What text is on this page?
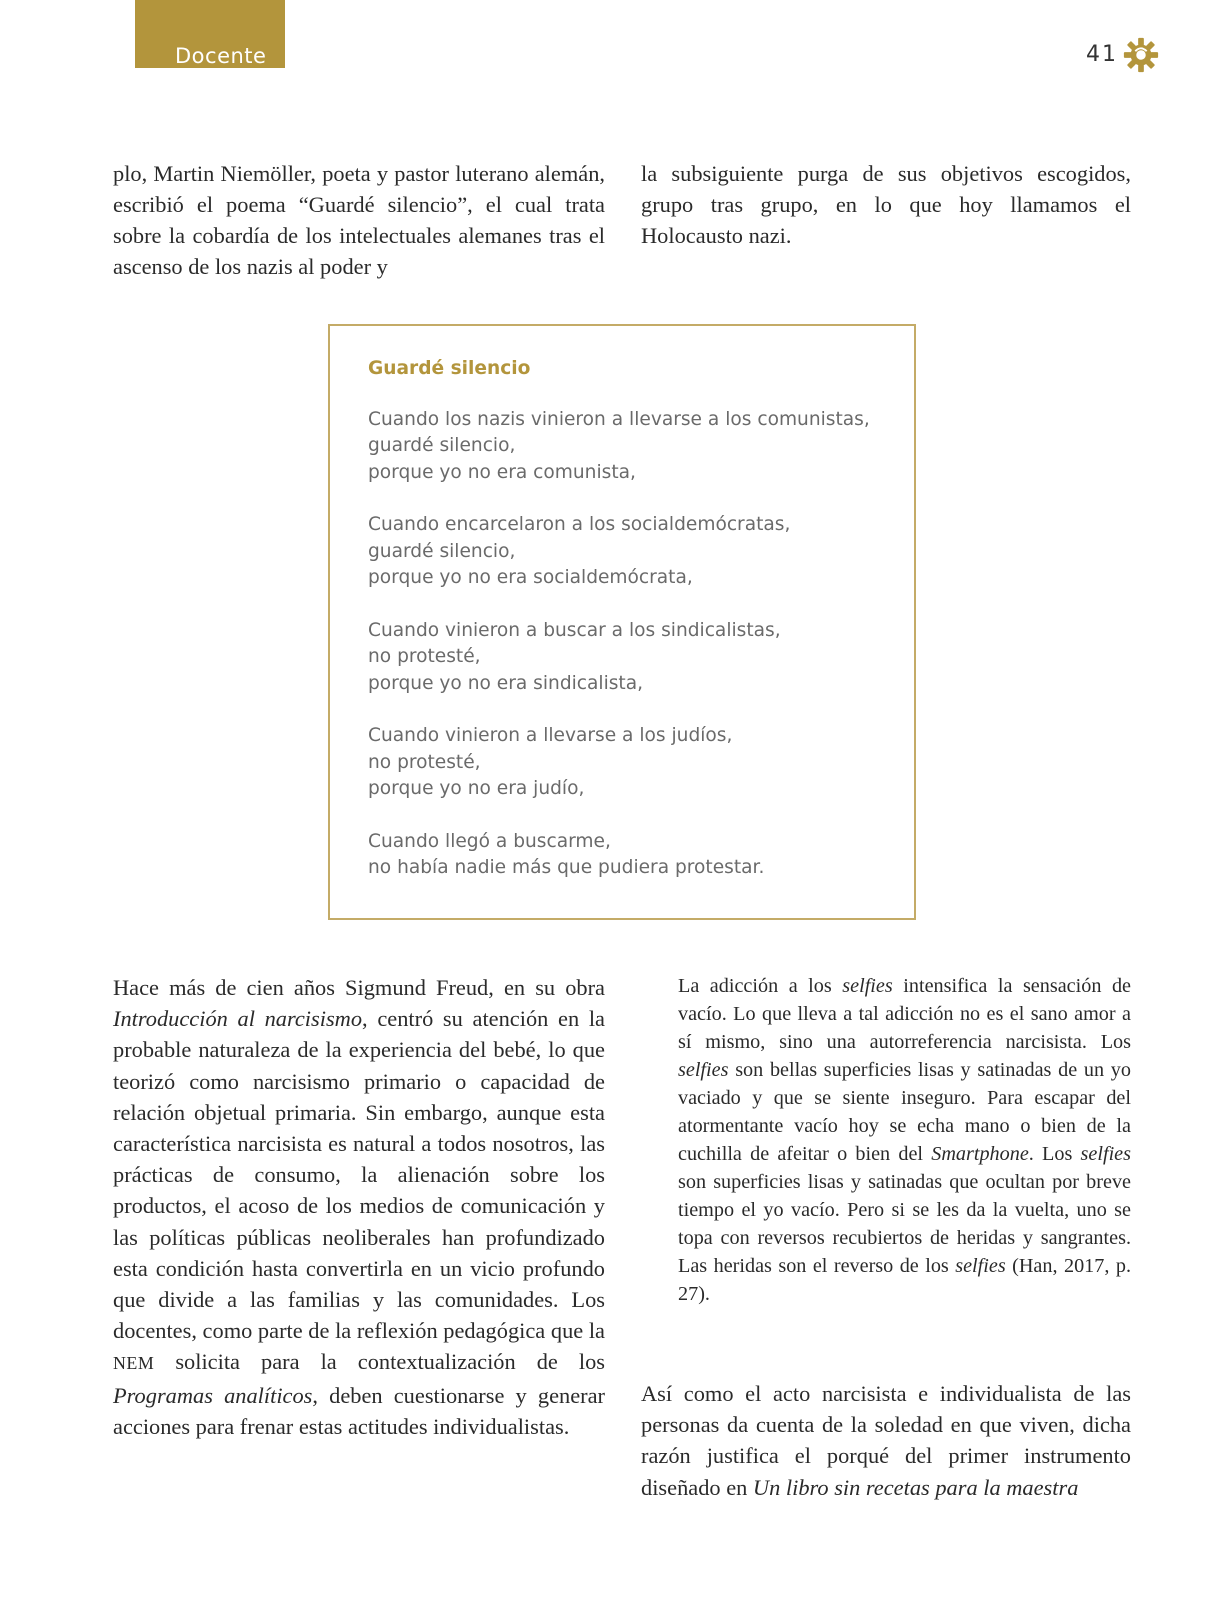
Docente	41

plo, Martin Niemöller, poeta y pastor luterano alemán, escribió el poema “Guardé silencio”, el cual trata sobre la cobardía de los intelectuales alemanes tras el ascenso de los nazis al poder y

la subsiguiente purga de sus objetivos escogidos, grupo tras grupo, en lo que hoy llamamos el Holocausto nazi.

Guardé silencio
Cuando los nazis vinieron a llevarse a los comunistas,
guardé silencio,
porque yo no era comunista,
Cuando encarcelaron a los socialdemócratas,
guardé silencio,
porque yo no era socialdemócrata,
Cuando vinieron a buscar a los sindicalistas,
no protesté,
porque yo no era sindicalista,
Cuando vinieron a llevarse a los judíos,
no protesté,
porque yo no era judío,
Cuando llegó a buscarme,
no había nadie más que pudiera protestar.

Hace más de cien años Sigmund Freud, en su obra Introducción al narcisismo, centró su atención en la probable naturaleza de la experiencia del bebé, lo que teorizó como narcisismo primario o capacidad de relación objetual primaria. Sin embargo, aunque esta característica narcisista es natural a todos nosotros, las prácticas de consumo, la alienación sobre los productos, el acoso de los medios de comunicación y las políticas públicas neoliberales han profundizado esta condición hasta convertirla en un vicio profundo que divide a las familias y las comunidades. Los docentes, como parte de la reflexión pedagógica que la NEM solicita para la contextualización de los Programas analíticos, deben cuestionarse y generar acciones para frenar estas actitudes individualistas.

La adicción a los selfies intensifica la sensación de vacío. Lo que lleva a tal adicción no es el sano amor a sí mismo, sino una autorreferencia narcisista. Los selfies son bellas superficies lisas y satinadas de un yo vaciado y que se siente inseguro. Para escapar del atormentante vacío hoy se echa mano o bien de la cuchilla de afeitar o bien del Smartphone. Los selfies son superficies lisas y satinadas que ocultan por breve tiempo el yo vacío. Pero si se les da la vuelta, uno se topa con reversos recubiertos de heridas y sangrantes. Las heridas son el reverso de los selfies (Han, 2017, p. 27).

Así como el acto narcisista e individualista de las personas da cuenta de la soledad en que viven, dicha razón justifica el porqué del primer instrumento diseñado en Un libro sin recetas para la maestra
